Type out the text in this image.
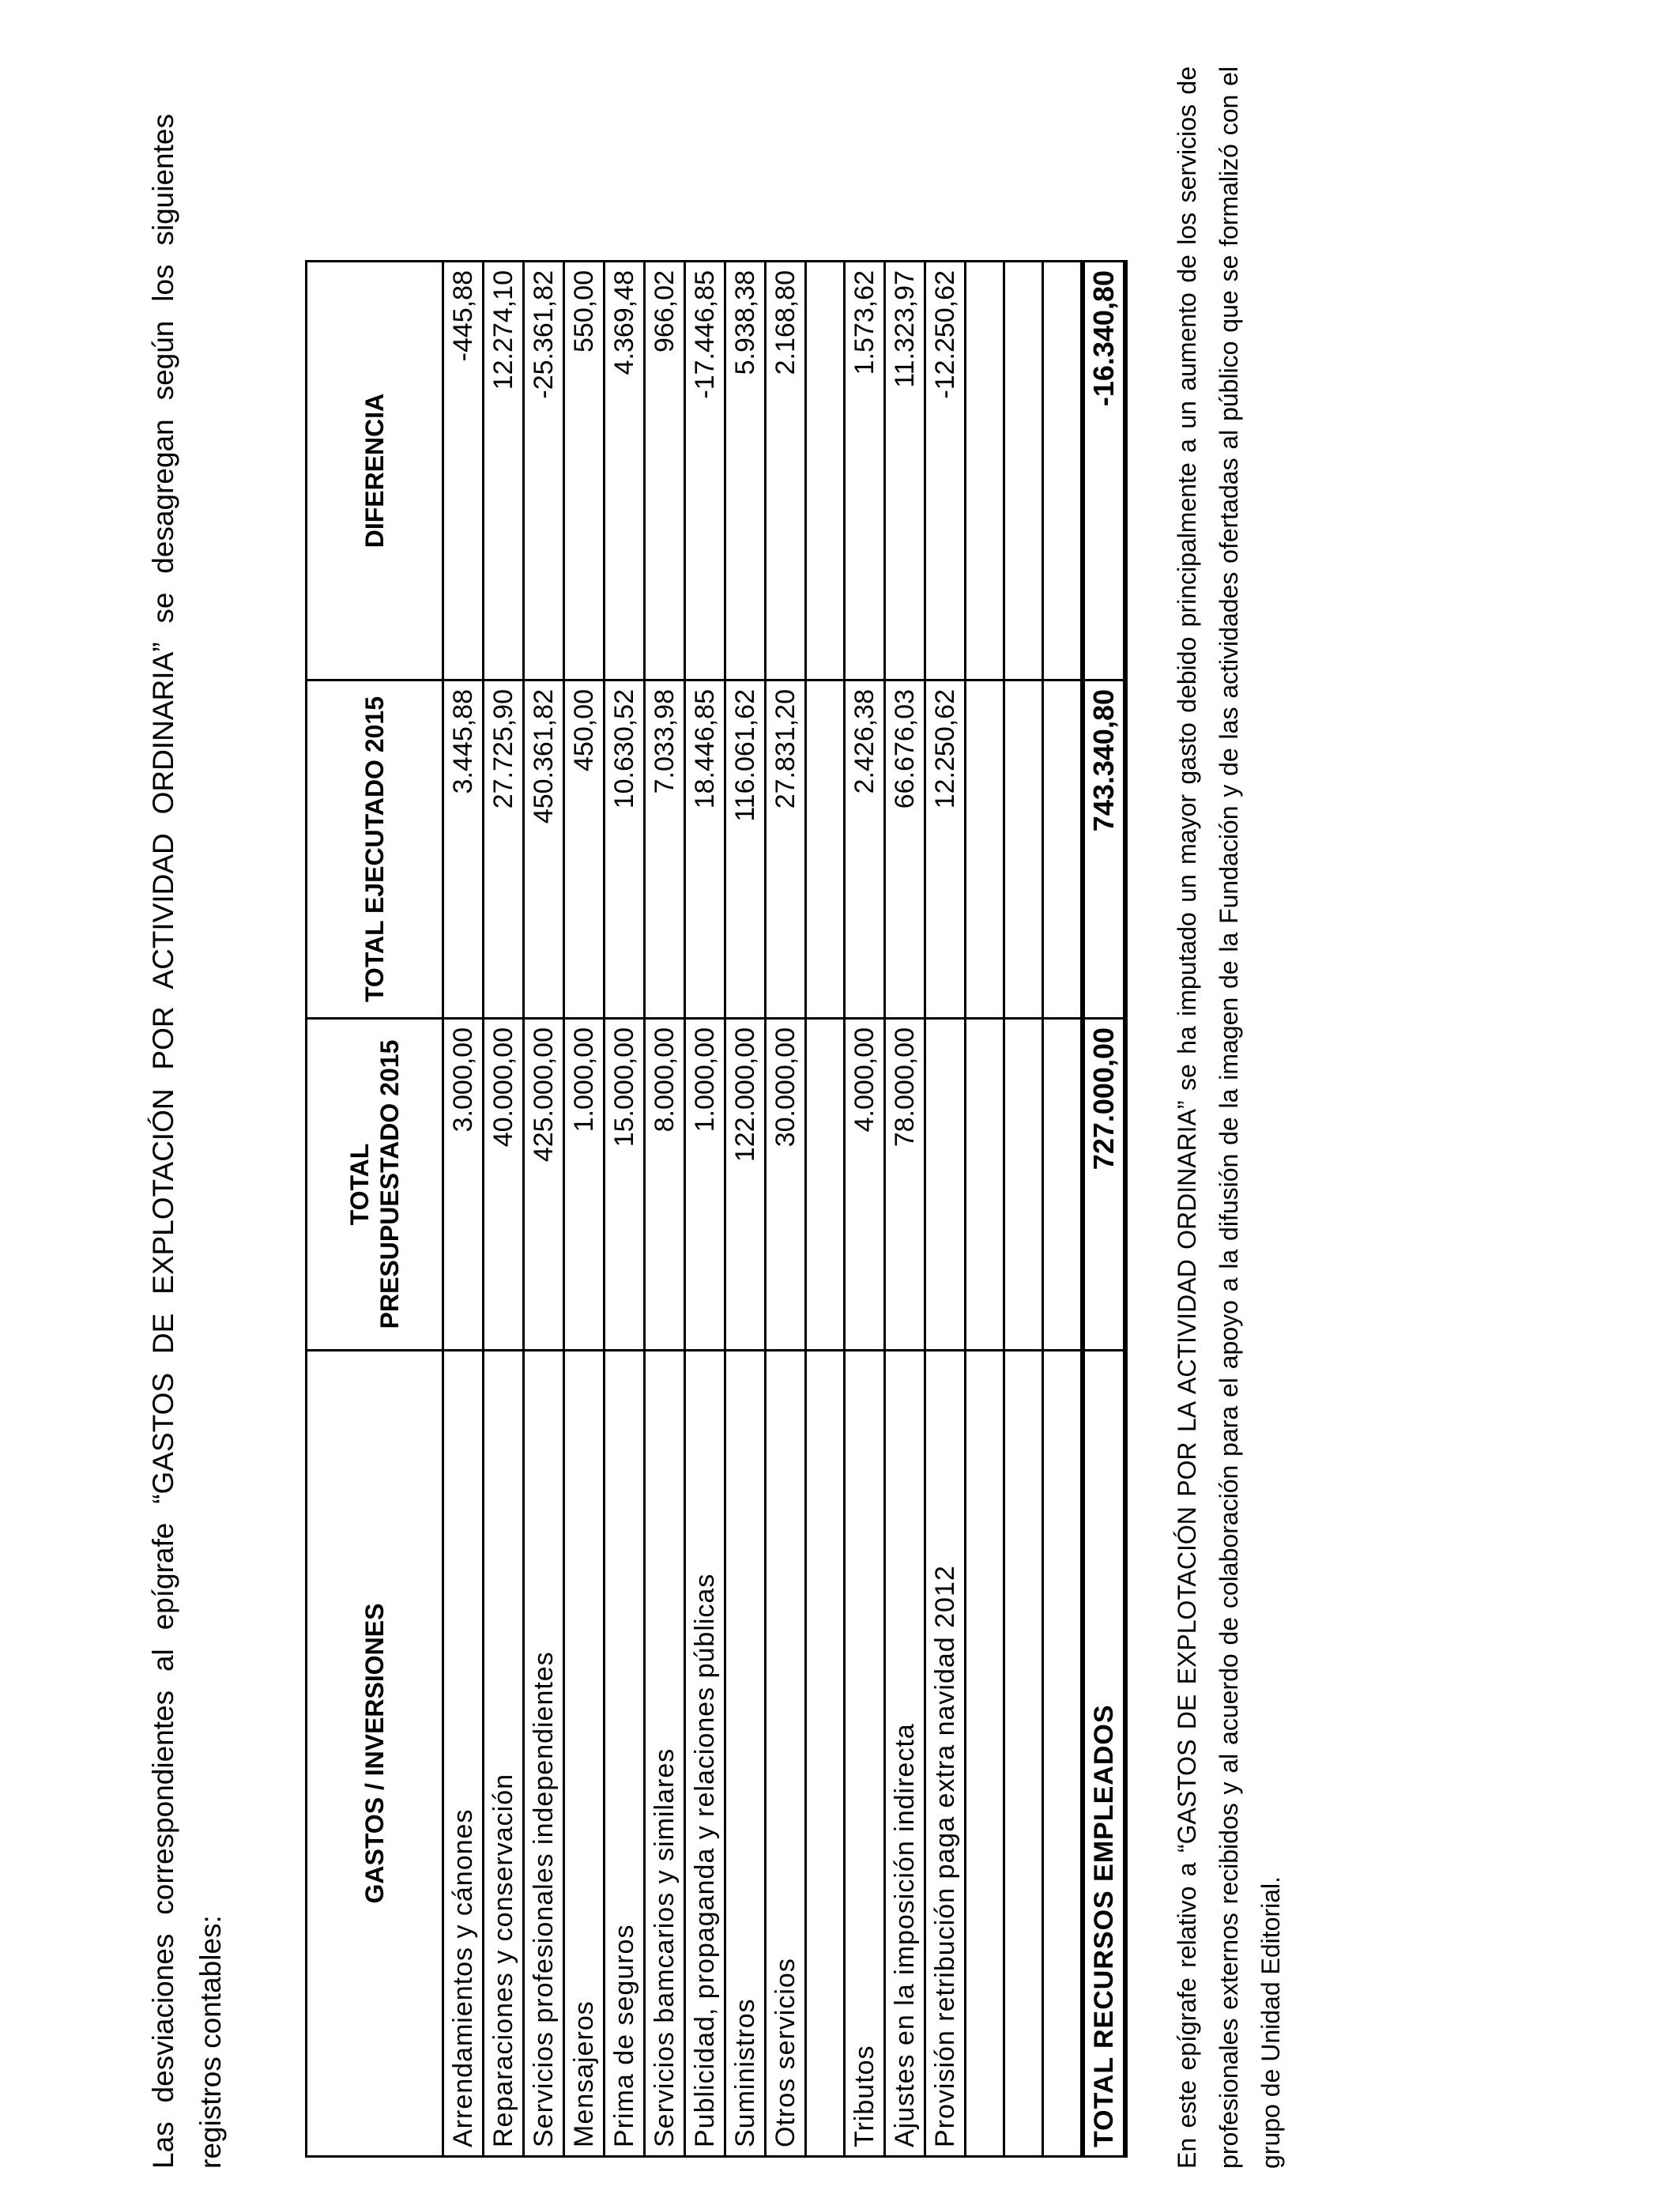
Las desviaciones correspondientes al epígrafe “GASTOS DE EXPLOTACIÓN POR ACTIVIDAD ORDINARIA” se desagregan según los siguientes registros contables:
GASTOS / INVERSIONES	TOTAL PRESUPUESTADO 2015	TOTAL EJECUTADO 2015	DIFERENCIA
Arrendamientos y cánones	3.000,00	3.445,88	-445,88
Reparaciones y conservación	40.000,00	27.725,90	12.274,10
Servicios profesionales independientes	425.000,00	450.361,82	-25.361,82
Mensajeros	1.000,00	450,00	550,00
Prima de seguros	15.000,00	10.630,52	4.369,48
Servicios bamcarios y similares	8.000,00	7.033,98	966,02
Publicidad, propaganda y relaciones públicas	1.000,00	18.446,85	-17.446,85
Suministros	122.000,00	116.061,62	5.938,38
Otros servicios	30.000,00	27.831,20	2.168,80

Tributos	4.000,00	2.426,38	1.573,62
Ajustes en la imposición indirecta	78.000,00	66.676,03	11.323,97
Provisión retribución paga extra navidad 2012		12.250,62	-12.250,62

TOTAL RECURSOS EMPLEADOS	727.000,00	743.340,80	-16.340,80 En este epígrafe relativo a “GASTOS DE EXPLOTACIÓN POR LA ACTIVIDAD ORDINARIA” se ha imputado un mayor gasto debido principalmente a un aumento de los servicios de profesionales externos recibidos y al acuerdo de colaboración para el apoyo a la difusión de la imagen de la Fundación y de las actividades ofertadas al público que se formalizó con el grupo de Unidad Editorial.
